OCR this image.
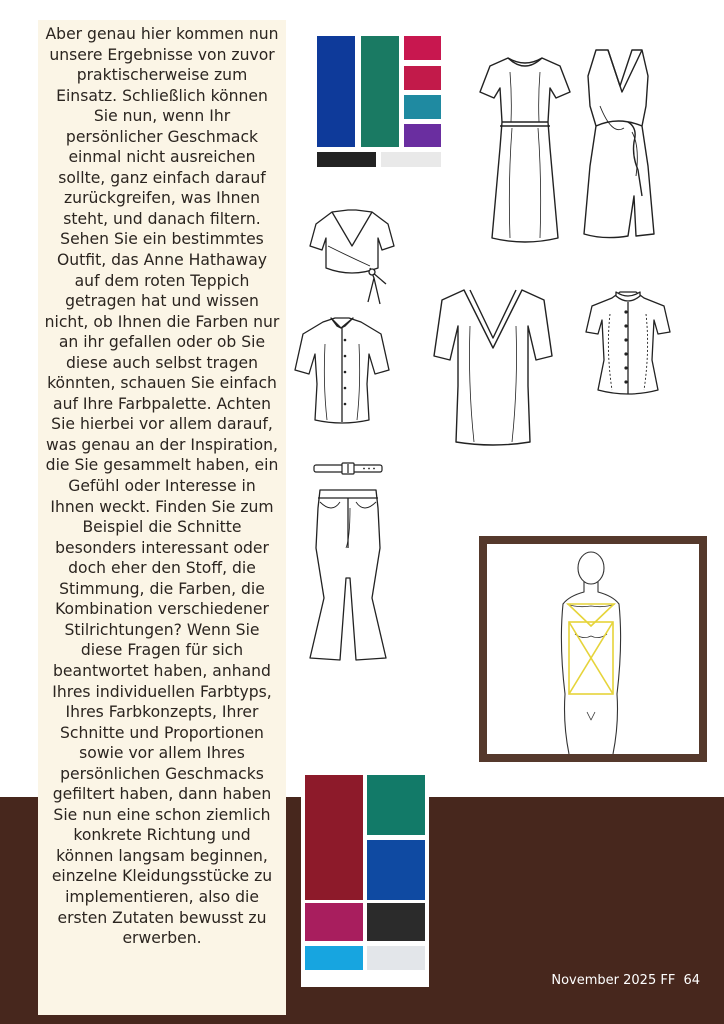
Aber genau hier kommen nun unsere Ergebnisse von zuvor praktischerweise zum Einsatz. Schließlich können Sie nun, wenn Ihr persönlicher Geschmack einmal nicht ausreichen sollte, ganz einfach darauf zurückgreifen, was Ihnen steht, und danach filtern. Sehen Sie ein bestimmtes Outfit, das Anne Hathaway auf dem roten Teppich getragen hat und wissen nicht, ob Ihnen die Farben nur an ihr gefallen oder ob Sie diese auch selbst tragen könnten, schauen Sie einfach auf Ihre Farbpalette. Achten Sie hierbei vor allem darauf, was genau an der Inspiration, die Sie gesammelt haben, ein Gefühl oder Interesse in Ihnen weckt. Finden Sie zum Beispiel die Schnitte besonders interessant oder doch eher den Stoff, die Stimmung, die Farben, die Kombination verschiedener Stilrichtungen? Wenn Sie diese Fragen für sich beantwortet haben, anhand Ihres individuellen Farbtyps, Ihres Farbkonzepts, Ihrer Schnitte und Proportionen sowie vor allem Ihres persönlichen Geschmacks gefiltert haben, dann haben Sie nun eine schon ziemlich konkrete Richtung und können langsam beginnen, einzelne Kleidungsstücke zu implementieren, also die ersten Zutaten bewusst zu erwerben.

November 2025 FF 64
